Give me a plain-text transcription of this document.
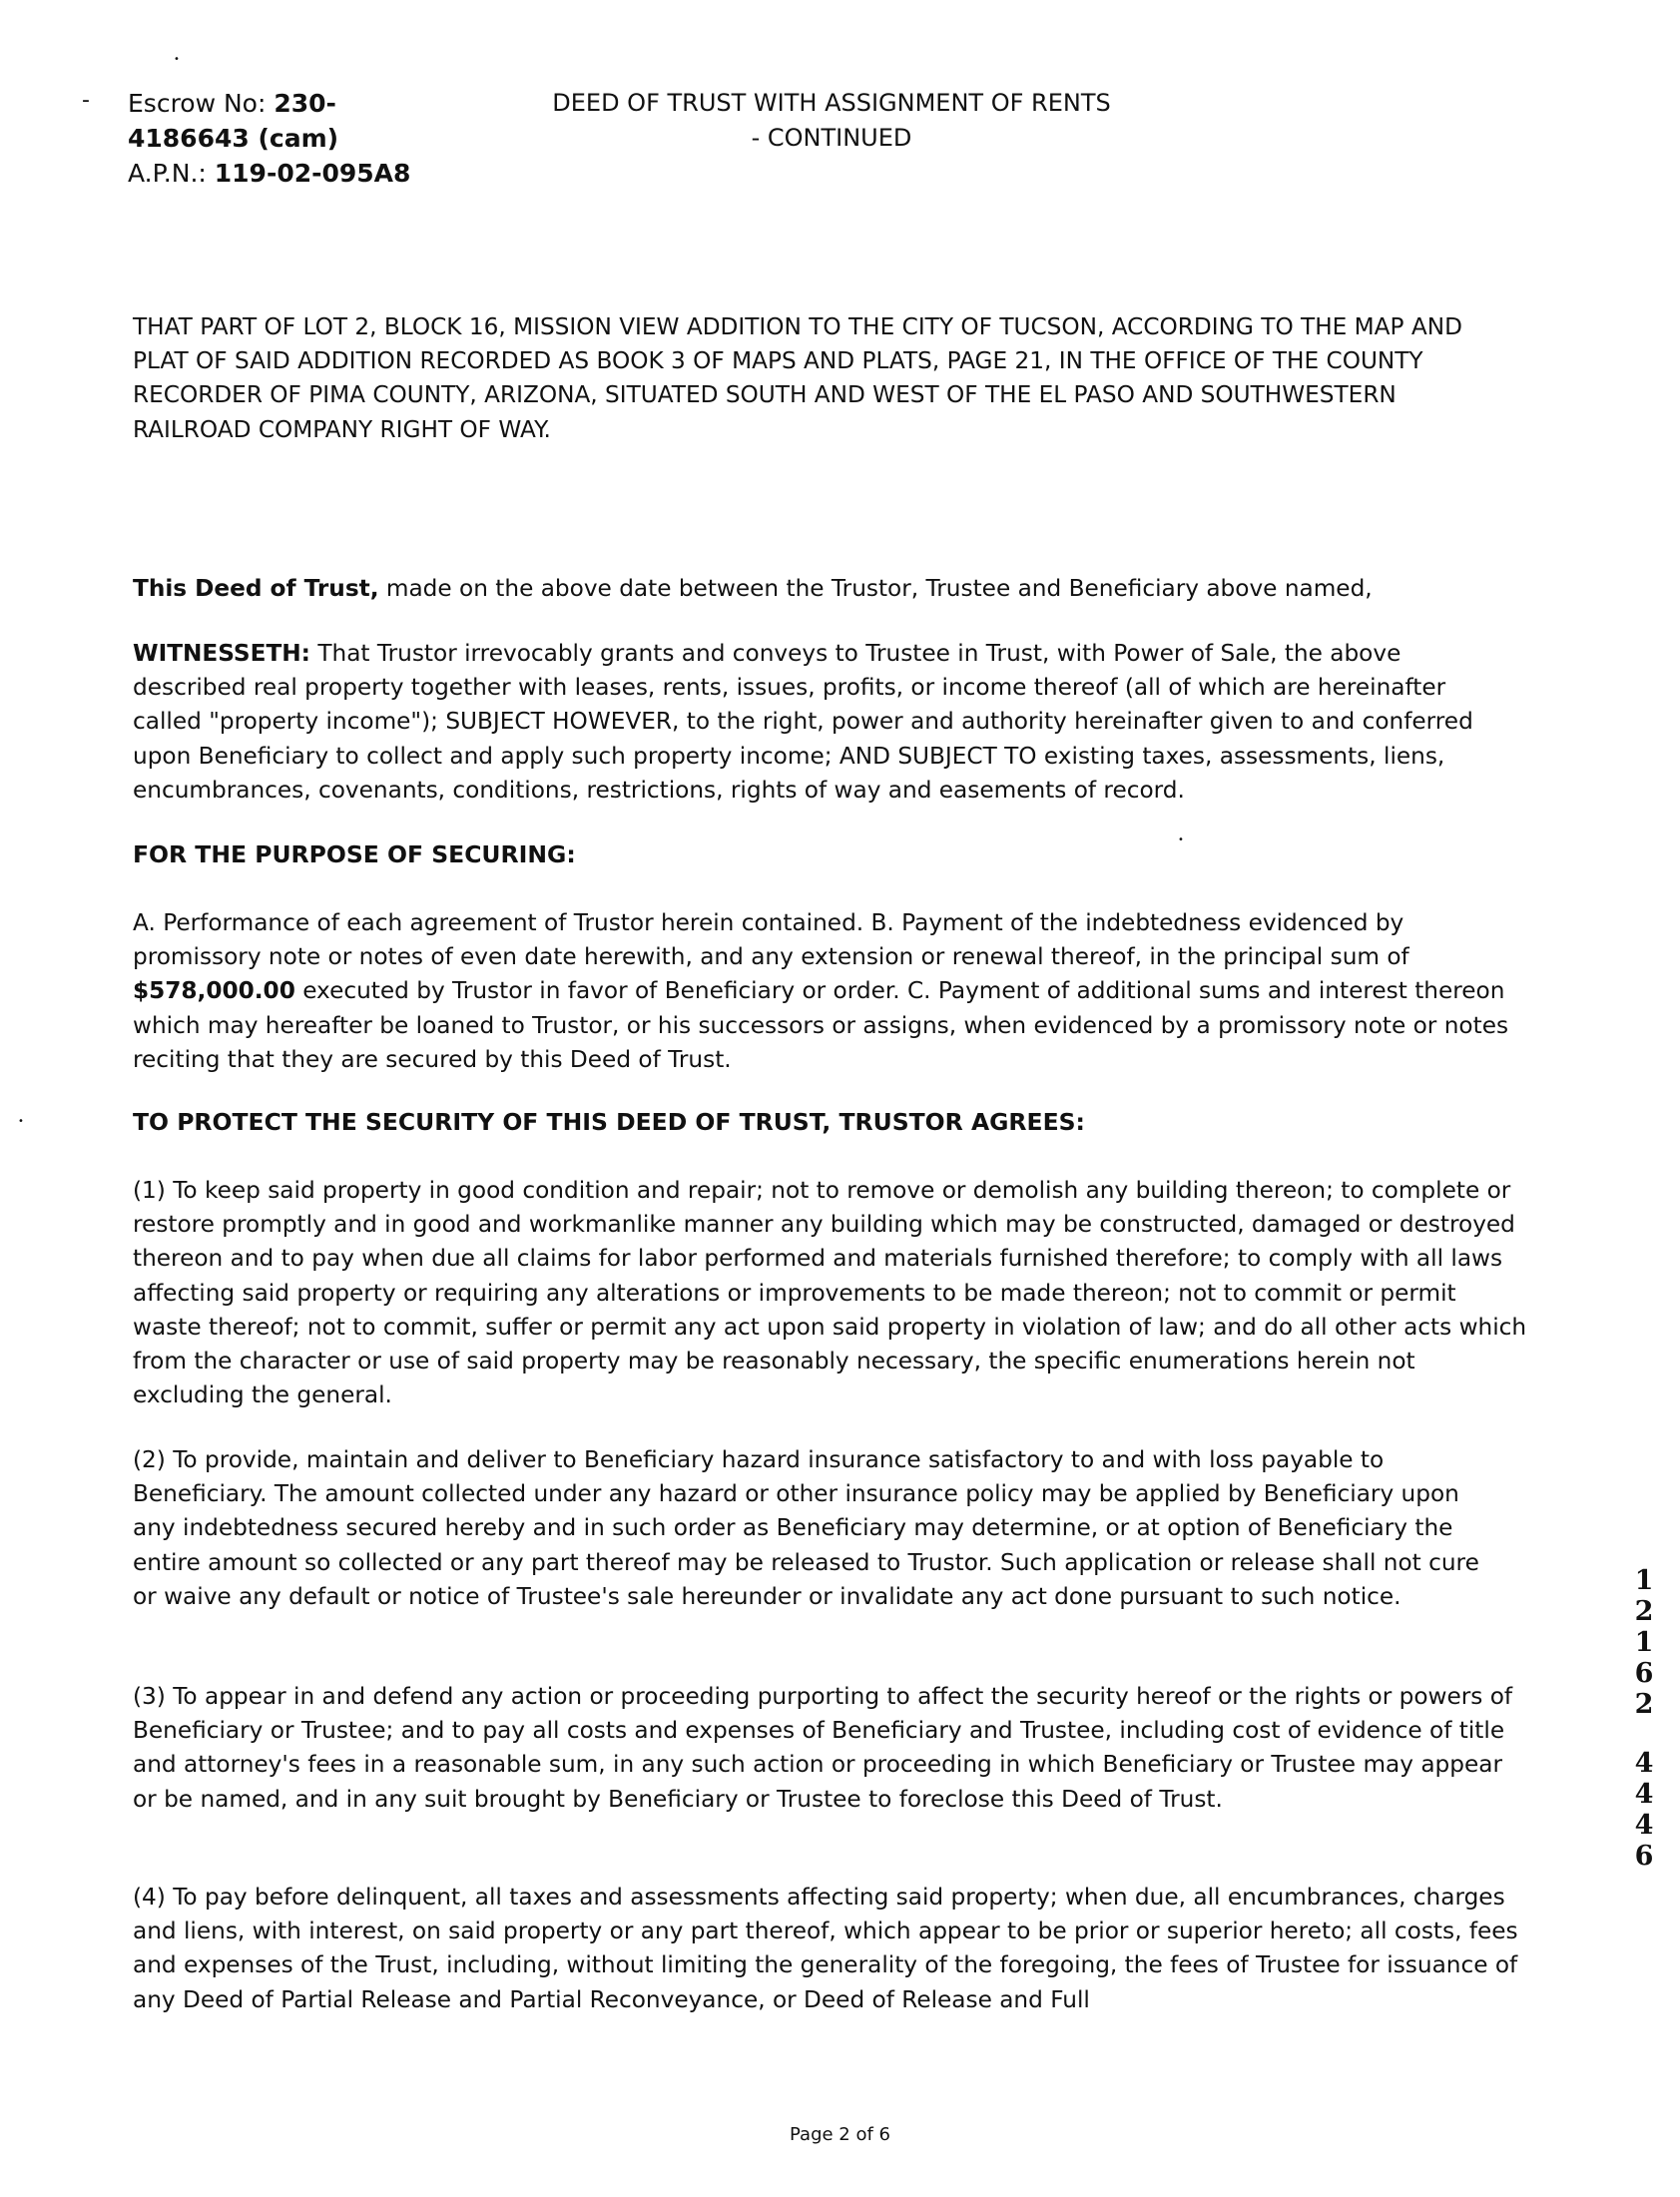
•
-
•
•
Escrow No: 230-
4186643 (cam)
A.P.N.: 119-02-095A8
DEED OF TRUST WITH ASSIGNMENT OF RENTS
- CONTINUED

THAT PART OF LOT 2, BLOCK 16, MISSION VIEW ADDITION TO THE CITY OF TUCSON, ACCORDING TO THE MAP AND PLAT OF SAID ADDITION RECORDED AS BOOK 3 OF MAPS AND PLATS, PAGE 21, IN THE OFFICE OF THE COUNTY RECORDER OF PIMA COUNTY, ARIZONA, SITUATED SOUTH AND WEST OF THE EL PASO AND SOUTHWESTERN RAILROAD COMPANY RIGHT OF WAY.

This Deed of Trust, made on the above date between the Trustor, Trustee and Beneficiary above named,

WITNESSETH: That Trustor irrevocably grants and conveys to Trustee in Trust, with Power of Sale, the above described real property together with leases, rents, issues, profits, or income thereof (all of which are hereinafter called "property income"); SUBJECT HOWEVER, to the right, power and authority hereinafter given to and conferred upon Beneficiary to collect and apply such property income; AND SUBJECT TO existing taxes, assessments, liens, encumbrances, covenants, conditions, restrictions, rights of way and easements of record.

FOR THE PURPOSE OF SECURING:

A. Performance of each agreement of Trustor herein contained. B. Payment of the indebtedness evidenced by promissory note or notes of even date herewith, and any extension or renewal thereof, in the principal sum of $578,000.00 executed by Trustor in favor of Beneficiary or order. C. Payment of additional sums and interest thereon which may hereafter be loaned to Trustor, or his successors or assigns, when evidenced by a promissory note or notes reciting that they are secured by this Deed of Trust.

TO PROTECT THE SECURITY OF THIS DEED OF TRUST, TRUSTOR AGREES:

(1) To keep said property in good condition and repair; not to remove or demolish any building thereon; to complete or restore promptly and in good and workmanlike manner any building which may be constructed, damaged or destroyed thereon and to pay when due all claims for labor performed and materials furnished therefore; to comply with all laws affecting said property or requiring any alterations or improvements to be made thereon; not to commit or permit waste thereof; not to commit, suffer or permit any act upon said property in violation of law; and do all other acts which from the character or use of said property may be reasonably necessary, the specific enumerations herein not excluding the general.

(2) To provide, maintain and deliver to Beneficiary hazard insurance satisfactory to and with loss payable to Beneficiary. The amount collected under any hazard or other insurance policy may be applied by Beneficiary upon any indebtedness secured hereby and in such order as Beneficiary may determine, or at option of Beneficiary the entire amount so collected or any part thereof may be released to Trustor. Such application or release shall not cure or waive any default or notice of Trustee's sale hereunder or invalidate any act done pursuant to such notice.

(3) To appear in and defend any action or proceeding purporting to affect the security hereof or the rights or powers of Beneficiary or Trustee; and to pay all costs and expenses of Beneficiary and Trustee, including cost of evidence of title and attorney's fees in a reasonable sum, in any such action or proceeding in which Beneficiary or Trustee may appear or be named, and in any suit brought by Beneficiary or Trustee to foreclose this Deed of Trust.

(4) To pay before delinquent, all taxes and assessments affecting said property; when due, all encumbrances, charges and liens, with interest, on said property or any part thereof, which appear to be prior or superior hereto; all costs, fees and expenses of the Trust, including, without limiting the generality of the foregoing, the fees of Trustee for issuance of any Deed of Partial Release and Partial Reconveyance, or Deed of Release and Full

1
2
1
6
2
4
4
4
6
Page 2 of 6
